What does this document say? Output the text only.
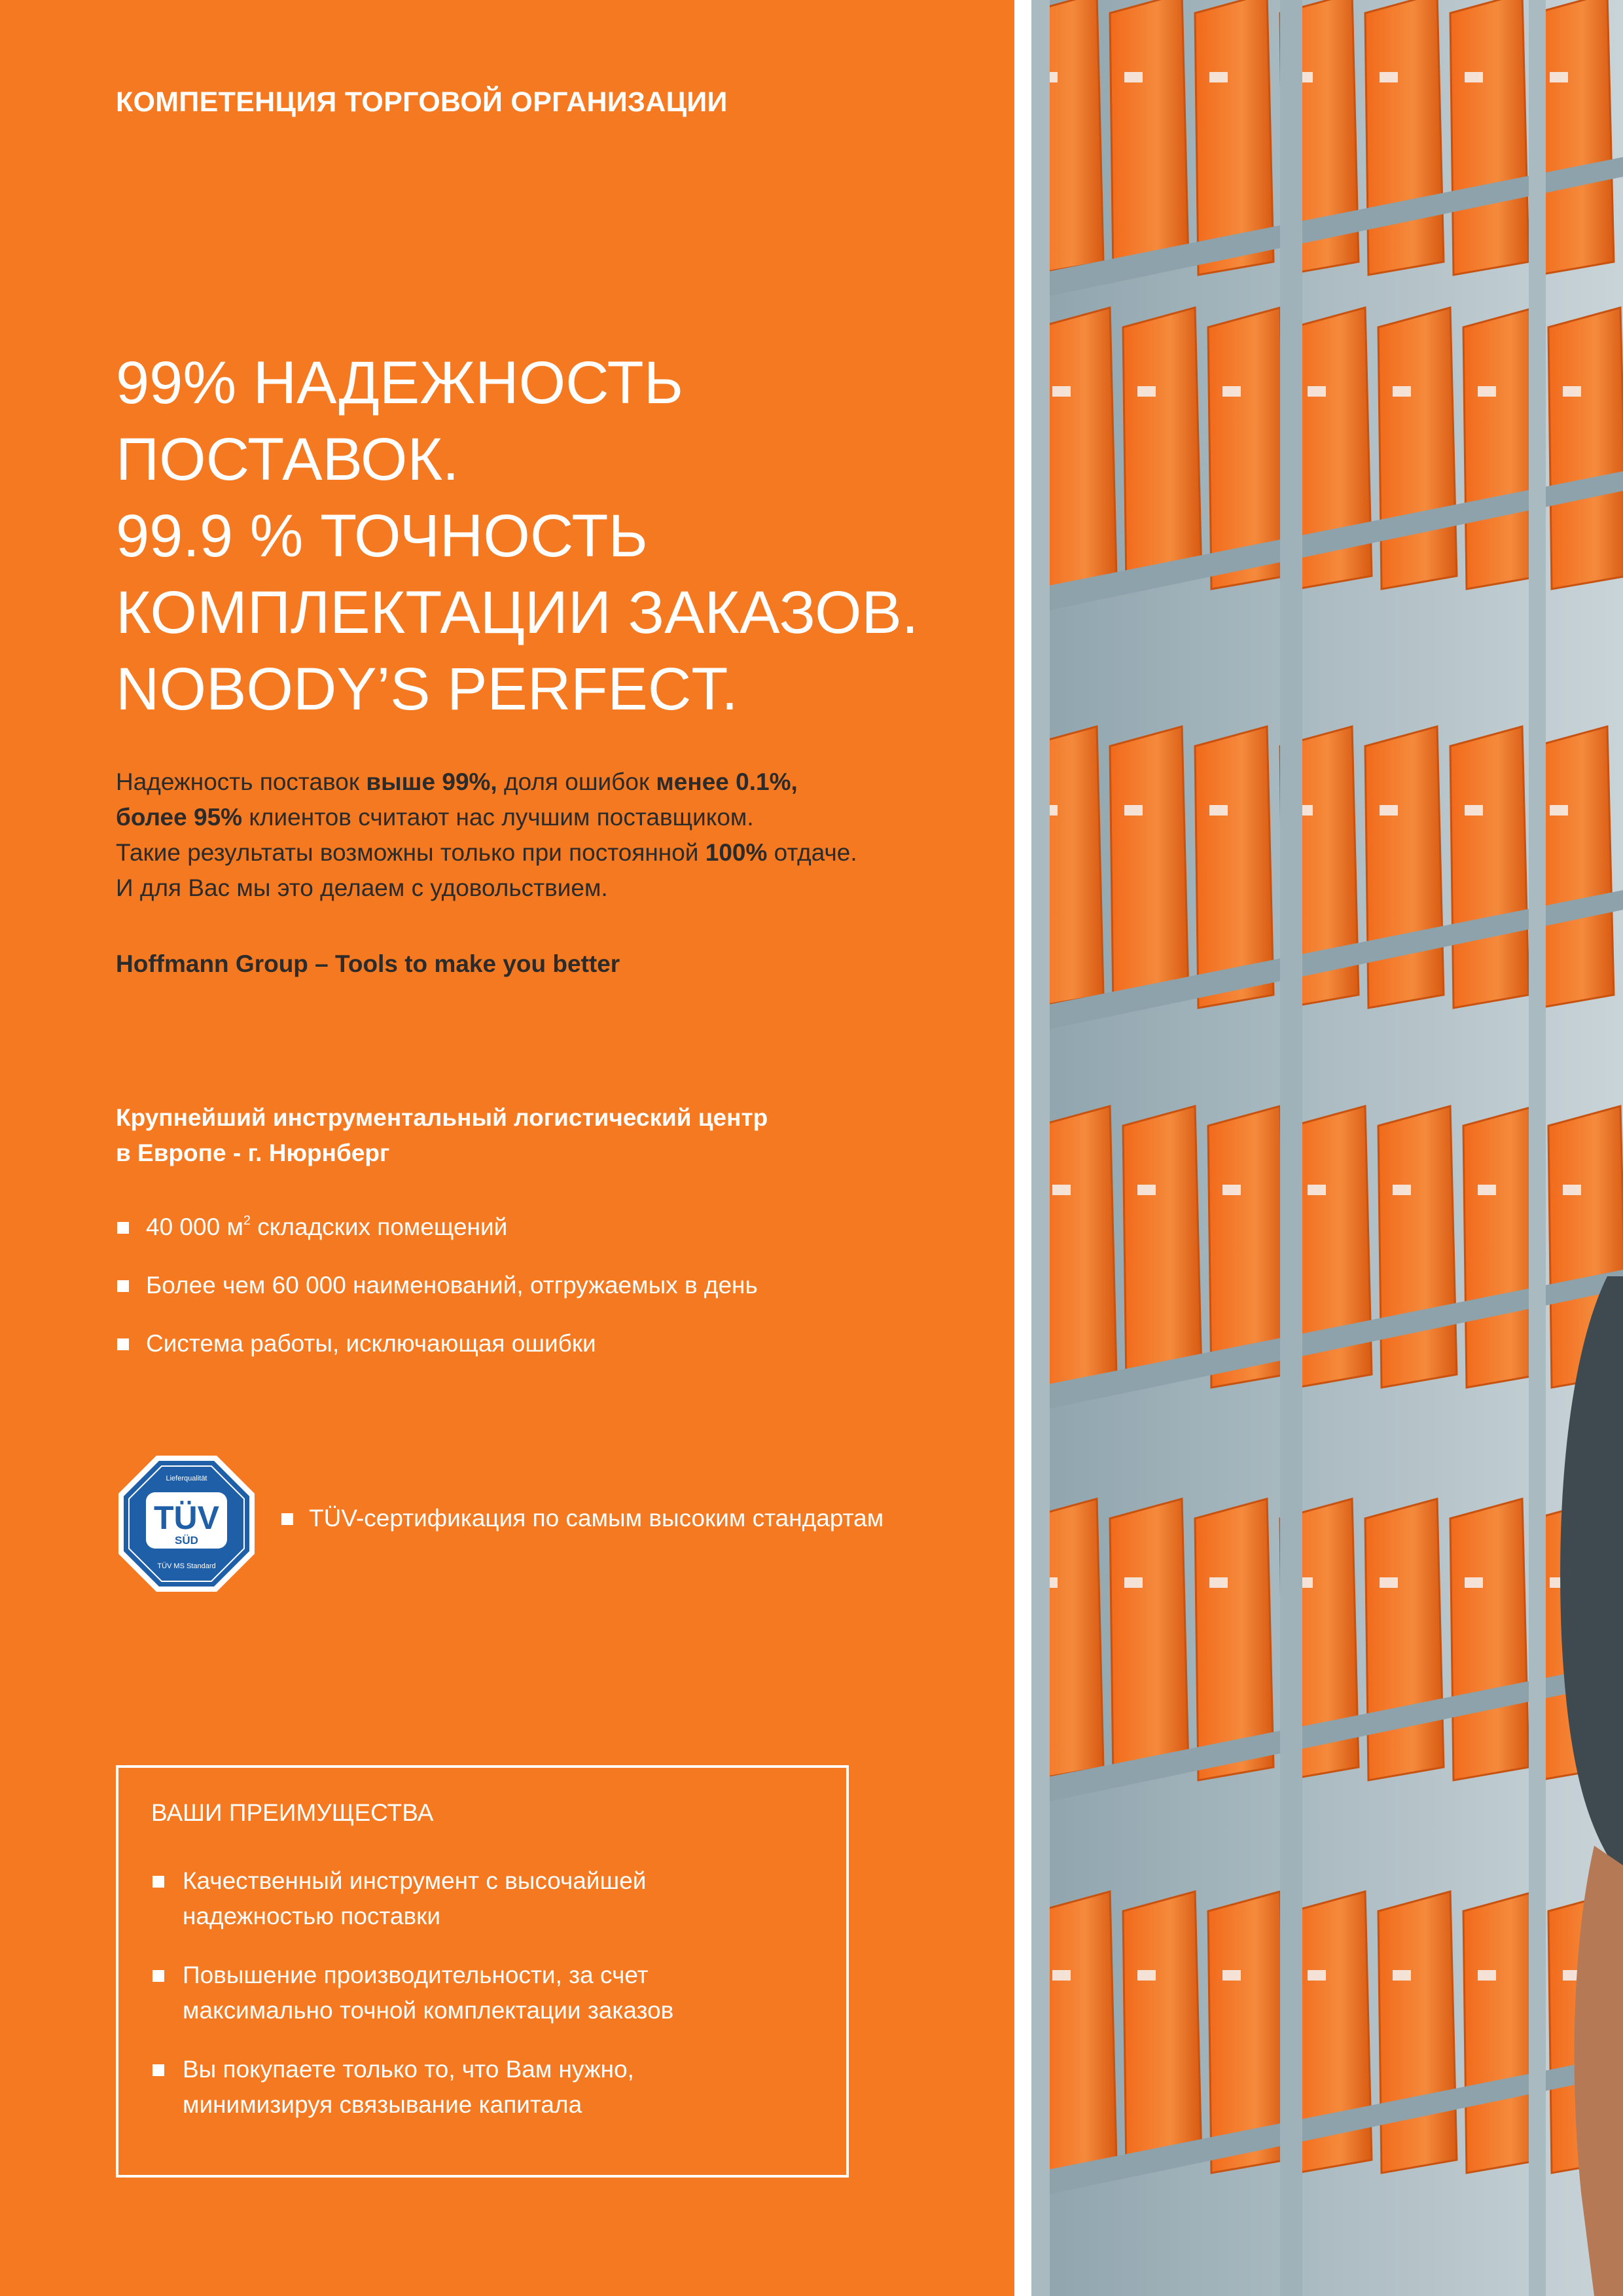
КОМПЕТЕНЦИЯ ТОРГОВОЙ ОРГАНИЗАЦИИ
99% НАДЕЖНОСТЬ
ПОСТАВОК.
99.9 % ТОЧНОСТЬ
КОМПЛЕКТАЦИИ ЗАКАЗОВ.
NOBODY’S PERFECT.

Надежность поставок выше 99%, доля ошибок менее 0.1%,
более 95% клиентов считают нас лучшим поставщиком.
Такие результаты возможны только при постоянной 100% отдаче.
И для Вас мы это делаем с удовольствием.

Hoffmann Group – Tools to make you better

Крупнейший инструментальный логистический центр
в Европе - г. Нюрнберг
40 000 $м^2$ складских помещений
Более чем 60 000 наименований, отгружаемых в день
Система работы, исключающая ошибки
Lieferqualität
TÜV
SÜD
TÜV MS Standard

TÜV-сертификация по самым высоким стандартам

ВАШИ ПРЕИМУЩЕСТВА
Качественный инструмент с высочайшей
надежностью поставки
Повышение производительности, за счет
максимально точной комплектации заказов
Вы покупаете только то, что Вам нужно,
минимизируя связывание капитала
